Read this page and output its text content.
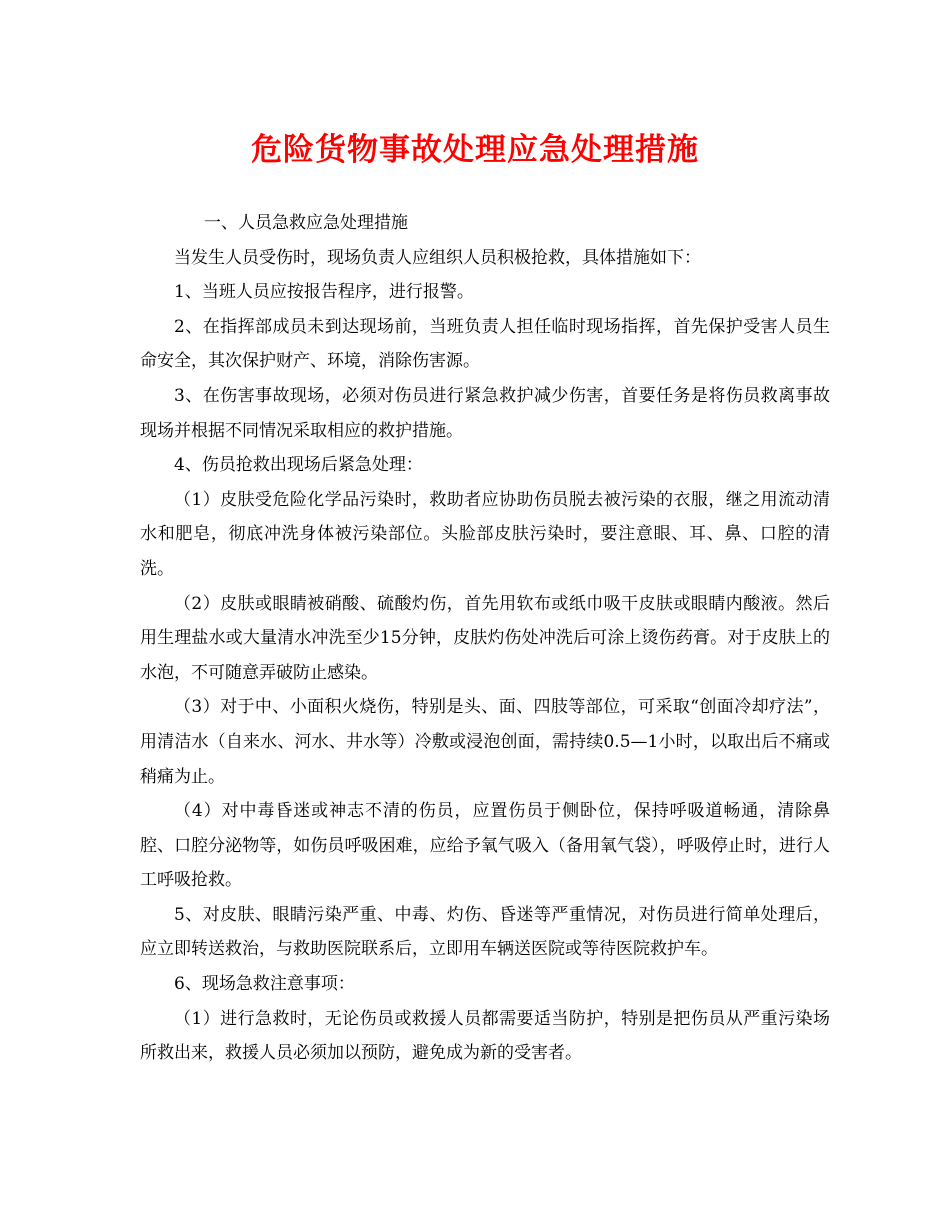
危险货物事故处理应急处理措施

一、人员急救应急处理措施

当发生人员受伤时，现场负责人应组织人员积极抢救，具体措施如下：

1、当班人员应按报告程序，进行报警。

2、在指挥部成员未到达现场前，当班负责人担任临时现场指挥，首先保护受害人员生命安全，其次保护财产、环境，消除伤害源。

3、在伤害事故现场，必须对伤员进行紧急救护减少伤害，首要任务是将伤员救离事故现场并根据不同情况采取相应的救护措施。

4、伤员抢救出现场后紧急处理：

（1）皮肤受危险化学品污染时，救助者应协助伤员脱去被污染的衣服，继之用流动清水和肥皂，彻底冲洗身体被污染部位。头脸部皮肤污染时，要注意眼、耳、鼻、口腔的清洗。

（2）皮肤或眼睛被硝酸、硫酸灼伤，首先用软布或纸巾吸干皮肤或眼睛内酸液。然后用生理盐水或大量清水冲洗至少15分钟，皮肤灼伤处冲洗后可涂上烫伤药膏。对于皮肤上的水泡，不可随意弄破防止感染。

（3）对于中、小面积火烧伤，特别是头、面、四肢等部位，可采取“创面冷却疗法”，用清洁水（自来水、河水、井水等）冷敷或浸泡创面，需持续0.5—1小时，以取出后不痛或稍痛为止。

（4）对中毒昏迷或神志不清的伤员，应置伤员于侧卧位，保持呼吸道畅通，清除鼻腔、口腔分泌物等，如伤员呼吸困难，应给予氧气吸入（备用氧气袋），呼吸停止时，进行人工呼吸抢救。

5、对皮肤、眼睛污染严重、中毒、灼伤、昏迷等严重情况，对伤员进行简单处理后，应立即转送救治，与救助医院联系后，立即用车辆送医院或等待医院救护车。

6、现场急救注意事项：

（1）进行急救时，无论伤员或救援人员都需要适当防护，特别是把伤员从严重污染场所救出来，救援人员必须加以预防，避免成为新的受害者。
